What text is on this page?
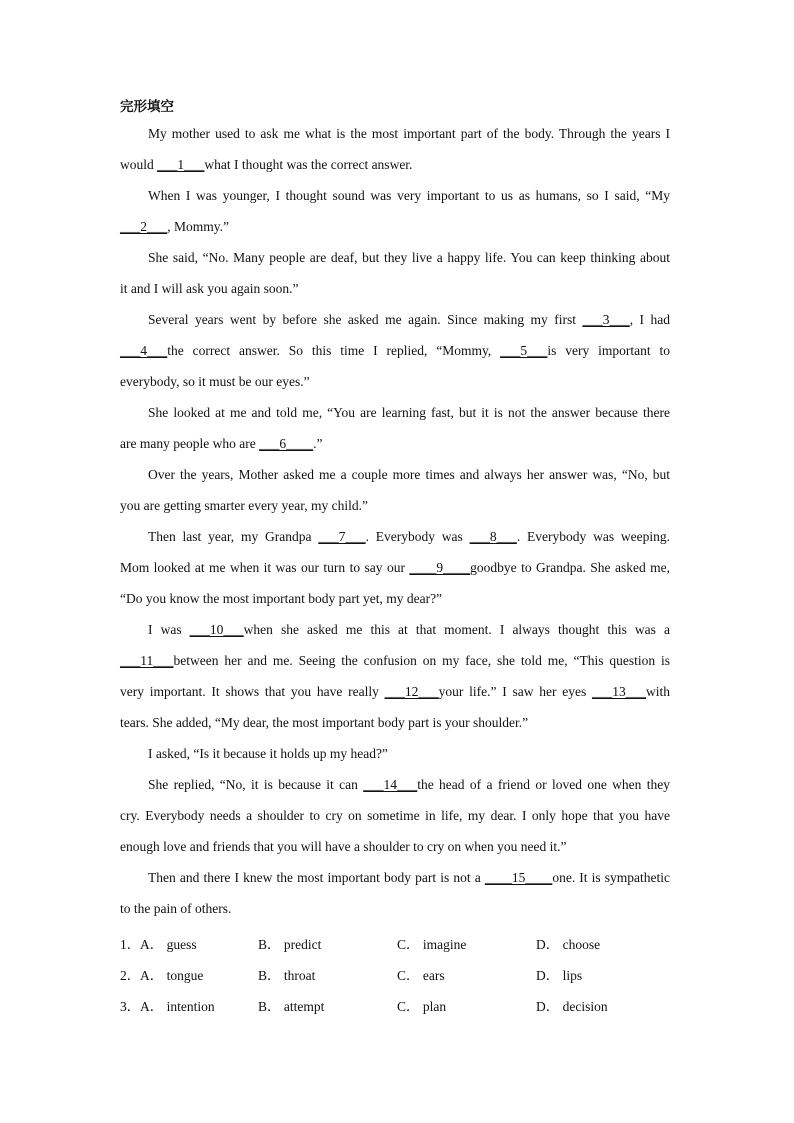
完形填空
My mother used to ask me what is the most important part of the body. Through the years I
would ___1___what I thought was the correct answer.
When I was younger, I thought sound was very important to us as humans, so I said, “My
___2___, Mommy.”
She said, “No. Many people are deaf, but they live a happy life. You can keep thinking about
it and I will ask you again soon.”
Several years went by before she asked me again. Since making my first ___3___, I had
___4___the correct answer. So this time I replied, “Mommy, ___5___is very important to
everybody, so it must be our eyes.”
She looked at me and told me, “You are learning fast, but it is not the answer because there
are many people who are ___6____.”
Over the years, Mother asked me a couple more times and always her answer was, “No, but
you are getting smarter every year, my child.”
Then last year, my Grandpa ___7___. Everybody was ___8___. Everybody was weeping.
Mom looked at me when it was our turn to say our ____9____goodbye to Grandpa. She asked me,
“Do you know the most important body part yet, my dear?”
I was ___10___when she asked me this at that moment. I always thought this was a
___11___between her and me. Seeing the confusion on my face, she told me, “This question is
very important. It shows that you have really ___12___your life.” I saw her eyes ___13___with
tears. She added, “My dear, the most important body part is your shoulder.”
I asked, “Is it because it holds up my head?”
She replied, “No, it is because it can ___14___the head of a friend or loved one when they
cry. Everybody needs a shoulder to cry on sometime in life, my dear. I only hope that you have
enough love and friends that you will have a shoulder to cry on when you need it.”
Then and there I knew the most important body part is not a ____15____one. It is sympathetic
to the pain of others.
1． A． guess	B． predict	C． imagine	D． choose
2． A． tongue	B． throat	C． ears	D． lips
3． A． intention	B． attempt	C． plan	D． decision
